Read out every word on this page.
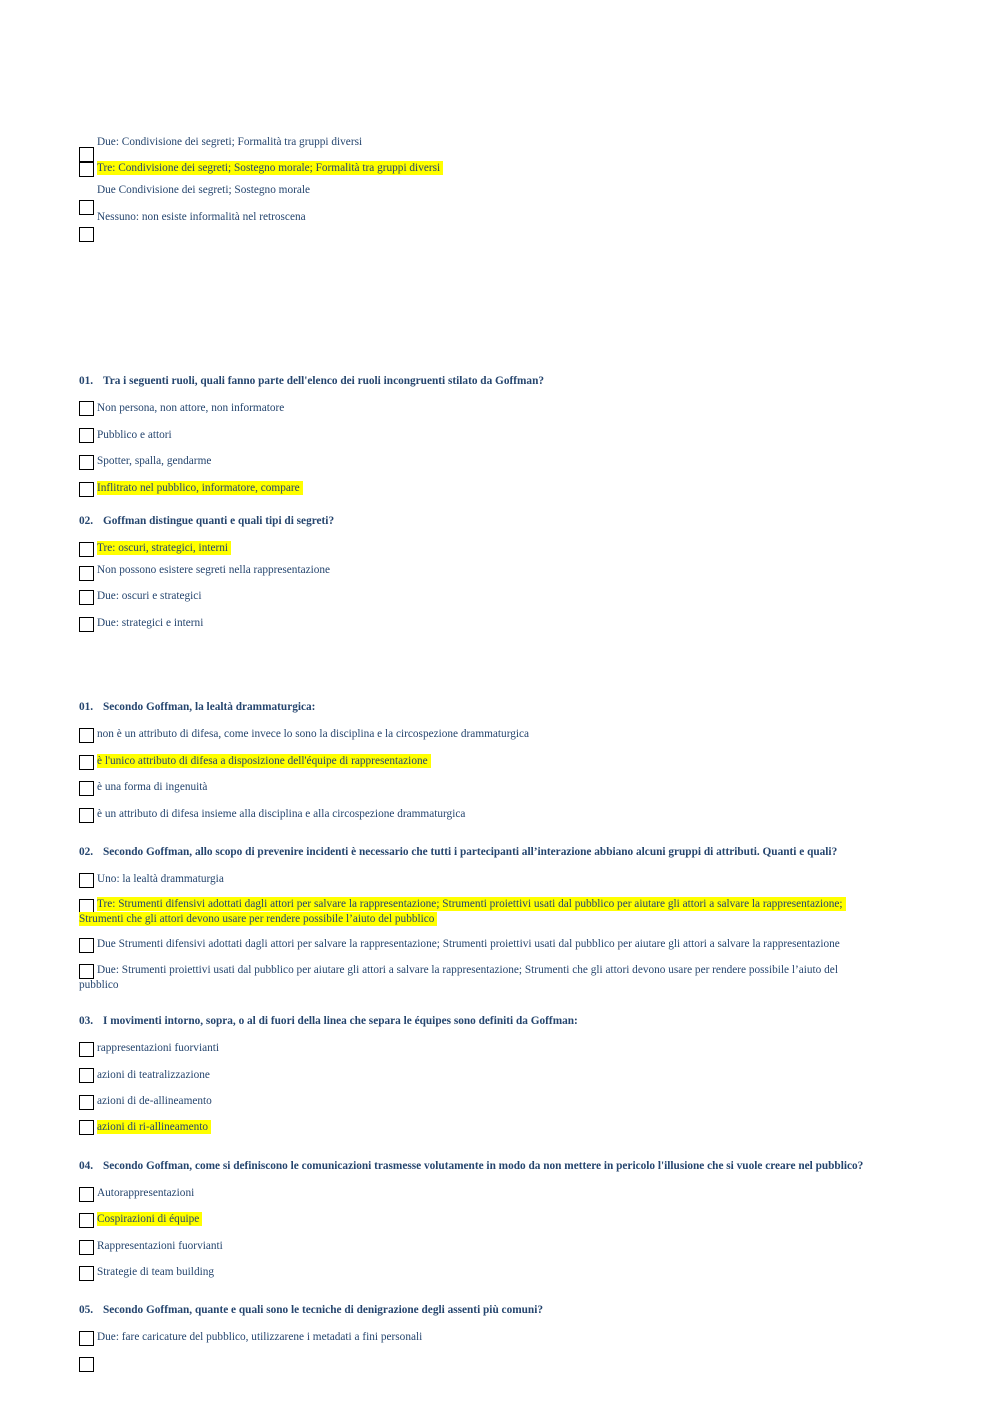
Due: Condivisione dei segreti; Formalità tra gruppi diversi
Tre: Condivisione dei segreti; Sostegno morale; Formalità tra gruppi diversi
Due Condivisione dei segreti; Sostegno morale
Nessuno: non esiste informalità nel retroscena
01. Tra i seguenti ruoli, quali fanno parte dell'elenco dei ruoli incongruenti stilato da Goffman?
Non persona, non attore, non informatore
Pubblico e attori
Spotter, spalla, gendarme
Inflitrato nel pubblico, informatore, compare
02. Goffman distingue quanti e quali tipi di segreti?
Tre: oscuri, strategici, interni
Non possono esistere segreti nella rappresentazione
Due: oscuri e strategici
Due: strategici e interni
01. Secondo Goffman, la lealtà drammaturgica:
non è un attributo di difesa, come invece lo sono la disciplina e la circospezione drammaturgica
è l'unico attributo di difesa a disposizione dell'équipe di rappresentazione
è una forma di ingenuità
è un attributo di difesa insieme alla disciplina e alla circospezione drammaturgica
02. Secondo Goffman, allo scopo di prevenire incidenti è necessario che tutti i partecipanti all’interazione abbiano alcuni gruppi di attributi. Quanti e quali?
Uno: la lealtà drammaturgia
Tre: Strumenti difensivi adottati dagli attori per salvare la rappresentazione; Strumenti proiettivi usati dal pubblico per aiutare gli attori a salvare la rappresentazione;
Strumenti che gli attori devono usare per rendere possibile l’aiuto del pubblico
Due Strumenti difensivi adottati dagli attori per salvare la rappresentazione; Strumenti proiettivi usati dal pubblico per aiutare gli attori a salvare la rappresentazione
Due: Strumenti proiettivi usati dal pubblico per aiutare gli attori a salvare la rappresentazione; Strumenti che gli attori devono usare per rendere possibile l’aiuto del
pubblico
03. I movimenti intorno, sopra, o al di fuori della linea che separa le équipes sono definiti da Goffman:
rappresentazioni fuorvianti
azioni di teatralizzazione
azioni di de-allineamento
azioni di ri-allineamento
04. Secondo Goffman, come si definiscono le comunicazioni trasmesse volutamente in modo da non mettere in pericolo l'illusione che si vuole creare nel pubblico?
Autorappresentazioni
Cospirazioni di équipe
Rappresentazioni fuorvianti
Strategie di team building
05. Secondo Goffman, quante e quali sono le tecniche di denigrazione degli assenti più comuni?
Due: fare caricature del pubblico, utilizzarene i metadati a fini personali
